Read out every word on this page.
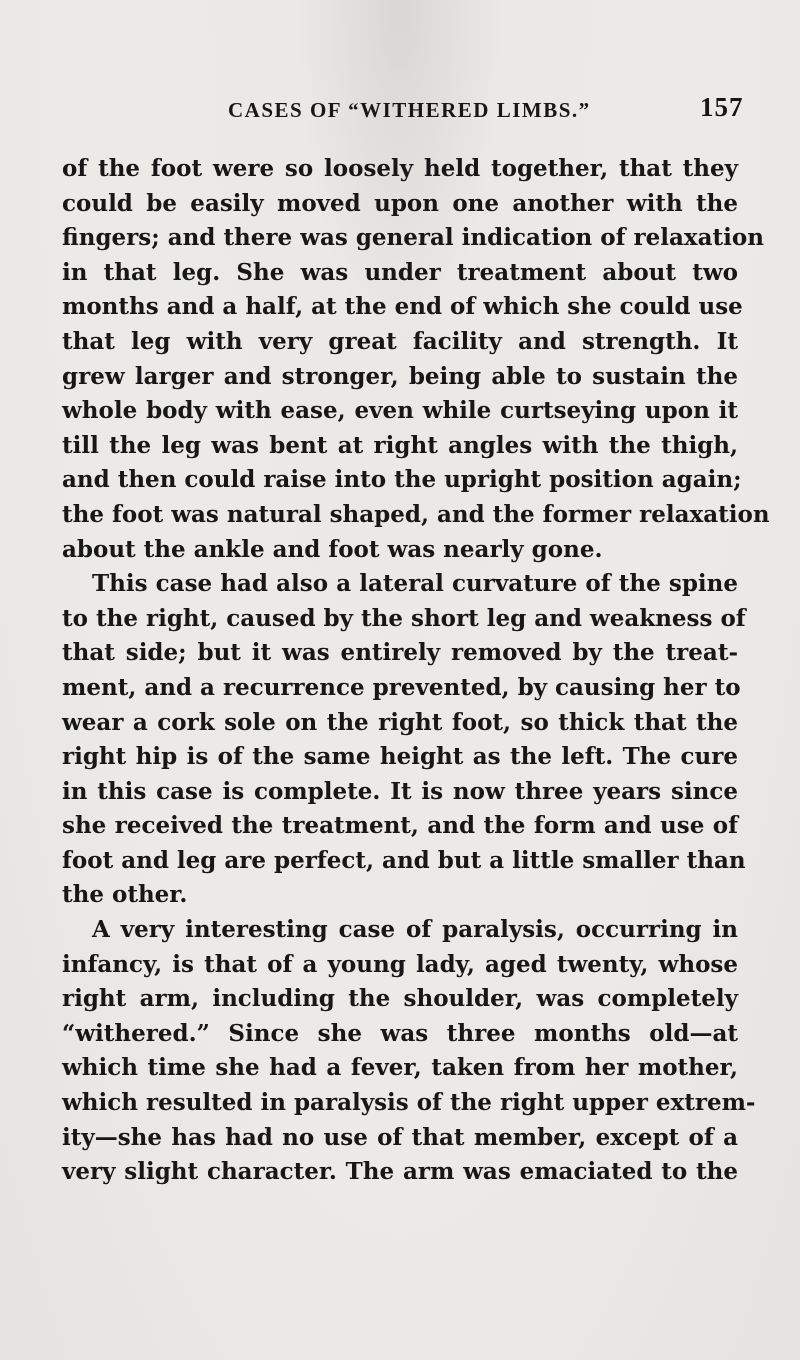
CASES OF “WITHERED LIMBS.”	157
of the foot were so loosely held together, that they
could be easily moved upon one another with the
fingers; and there was general indication of relaxation
in that leg. She was under treatment about two
months and a half, at the end of which she could use
that leg with very great facility and strength. It
grew larger and stronger, being able to sustain the
whole body with ease, even while curtseying upon it
till the leg was bent at right angles with the thigh,
and then could raise into the upright position again;
the foot was natural shaped, and the former relaxation
about the ankle and foot was nearly gone.
This case had also a lateral curvature of the spine
to the right, caused by the short leg and weakness of
that side; but it was entirely removed by the treat-
ment, and a recurrence prevented, by causing her to
wear a cork sole on the right foot, so thick that the
right hip is of the same height as the left. The cure
in this case is complete. It is now three years since
she received the treatment, and the form and use of
foot and leg are perfect, and but a little smaller than
the other.
A very interesting case of paralysis, occurring in
infancy, is that of a young lady, aged twenty, whose
right arm, including the shoulder, was completely
“withered.” Since she was three months old—at
which time she had a fever, taken from her mother,
which resulted in paralysis of the right upper extrem-
ity—she has had no use of that member, except of a
very slight character. The arm was emaciated to the
